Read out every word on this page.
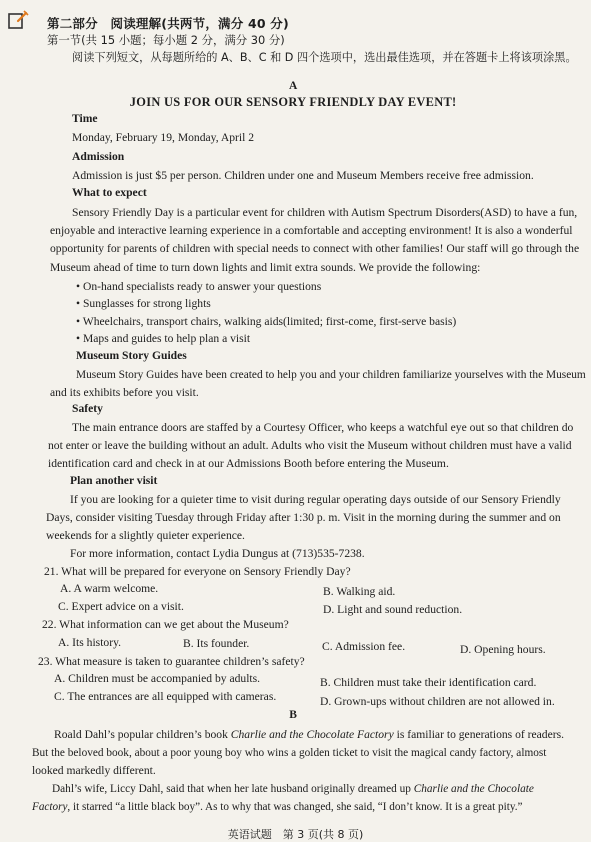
第二部分　阅读理解(共两节，满分 40 分)
第一节(共 15 小题；每小题 2 分，满分 30 分)
阅读下列短文，从每题所给的 A、B、C 和 D 四个选项中，选出最佳选项，并在答题卡上将该项涂黑。
A
JOIN US FOR OUR SENSORY FRIENDLY DAY EVENT!
Time
Monday, February 19, Monday, April 2
Admission
Admission is just $5 per person. Children under one and Museum Members receive free admission.
What to expect
Sensory Friendly Day is a particular event for children with Autism Spectrum Disorders(ASD) to have a fun,
enjoyable and interactive learning experience in a comfortable and accepting environment! It is also a wonderful
opportunity for parents of children with special needs to connect with other families! Our staff will go through the
Museum ahead of time to turn down lights and limit extra sounds. We provide the following:
• On-hand specialists ready to answer your questions
• Sunglasses for strong lights
• Wheelchairs, transport chairs, walking aids(limited; first-come, first-serve basis)
• Maps and guides to help plan a visit
Museum Story Guides
Museum Story Guides have been created to help you and your children familiarize yourselves with the Museum
and its exhibits before you visit.
Safety
The main entrance doors are staffed by a Courtesy Officer, who keeps a watchful eye out so that children do
not enter or leave the building without an adult. Adults who visit the Museum without children must have a valid
identification card and check in at our Admissions Booth before entering the Museum.
Plan another visit
If you are looking for a quieter time to visit during regular operating days outside of our Sensory Friendly
Days, consider visiting Tuesday through Friday after 1:30 p. m. Visit in the morning during the summer and on
weekends for a slightly quieter experience.
For more information, contact Lydia Dungus at (713)535-7238.
21. What will be prepared for everyone on Sensory Friendly Day?
A. A warm welcome.	B. Walking aid.
C. Expert advice on a visit.	D. Light and sound reduction.
22. What information can we get about the Museum?
A. Its history.	B. Its founder.	C. Admission fee.	D. Opening hours.
23. What measure is taken to guarantee children’s safety?
A. Children must be accompanied by adults.	B. Children must take their identification card.
C. The entrances are all equipped with cameras.	D. Grown-ups without children are not allowed in.
B
Roald Dahl’s popular children’s book Charlie and the Chocolate Factory is familiar to generations of readers.
But the beloved book, about a poor young boy who wins a golden ticket to visit the magical candy factory, almost
looked markedly different.
Dahl’s wife, Liccy Dahl, said that when her late husband originally dreamed up Charlie and the Chocolate
Factory, it starred “a little black boy”. As to why that was changed, she said, “I don’t know. It is a great pity.”
英语试题　第 3 页(共 8 页)
